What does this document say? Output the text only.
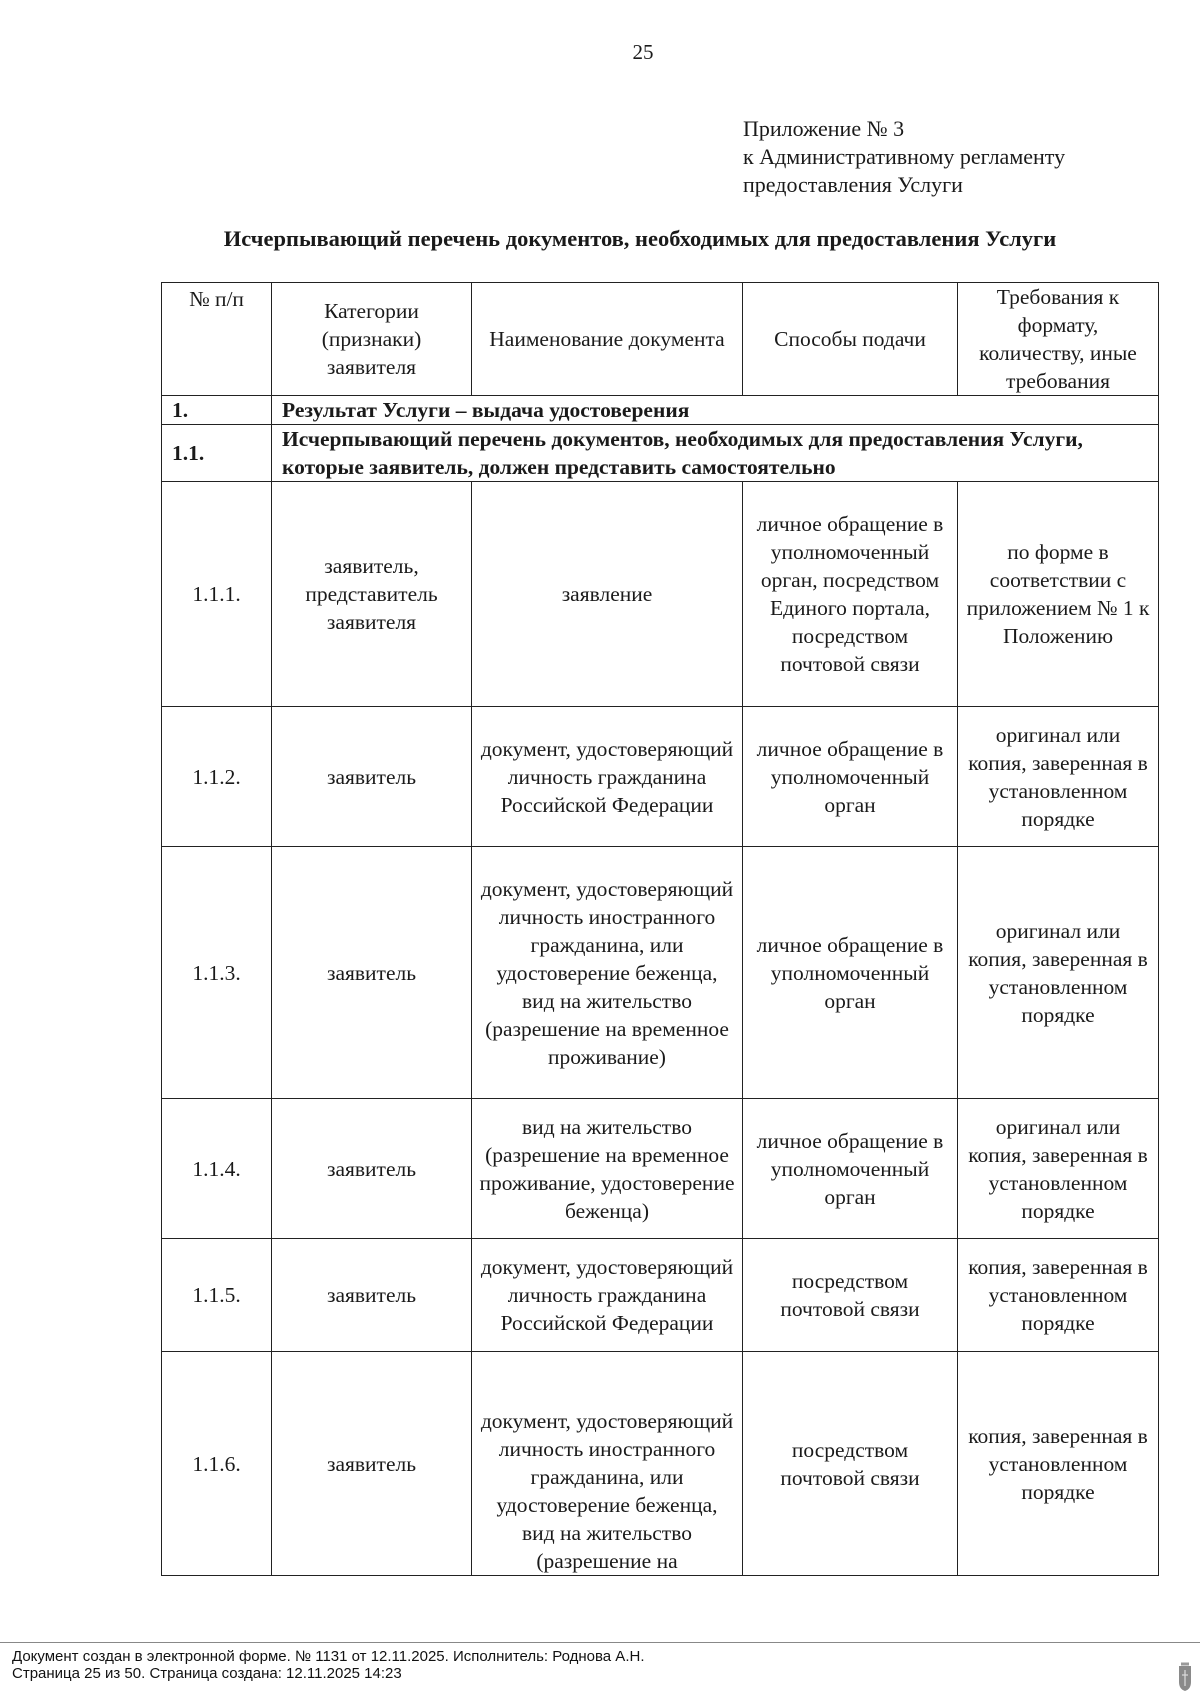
25
Приложение № 3
к Административному регламенту
предоставления Услуги
Исчерпывающий перечень документов, необходимых для предоставления Услуги
№ п/п	Категории (признаки) заявителя	Наименование документа	Способы подачи	Требования к формату, количеству, иные требования
1.	Результат Услуги – выдача удостоверения			
1.1.	Исчерпывающий перечень документов, необходимых для предоставления Услуги, которые заявитель, должен представить самостоятельно			
1.1.1.	заявитель, представитель заявителя	заявление	личное обращение в уполномоченный орган, посредством Единого портала, посредством почтовой связи	по форме в соответствии с приложением № 1 к Положению
1.1.2.	заявитель	документ, удостоверяющий личность гражданина Российской Федерации	личное обращение в уполномоченный орган	оригинал или копия, заверенная в установленном порядке
1.1.3.	заявитель	документ, удостоверяющий личность иностранного гражданина, или удостоверение беженца, вид на жительство (разрешение на временное проживание)	личное обращение в уполномоченный орган	оригинал или копия, заверенная в установленном порядке
1.1.4.	заявитель	вид на жительство (разрешение на временное проживание, удостоверение беженца)	личное обращение в уполномоченный орган	оригинал или копия, заверенная в установленном порядке
1.1.5.	заявитель	документ, удостоверяющий личность гражданина Российской Федерации	посредством почтовой связи	копия, заверенная в установленном порядке
1.1.6.	заявитель	документ, удостоверяющий личность иностранного гражданина, или удостоверение беженца, вид на жительство (разрешение на	посредством почтовой связи	копия, заверенная в установленном порядке
Документ создан в электронной форме. № 1131 от 12.11.2025. Исполнитель: Роднова А.Н.
Страница 25 из 50. Страница создана: 12.11.2025 14:23
